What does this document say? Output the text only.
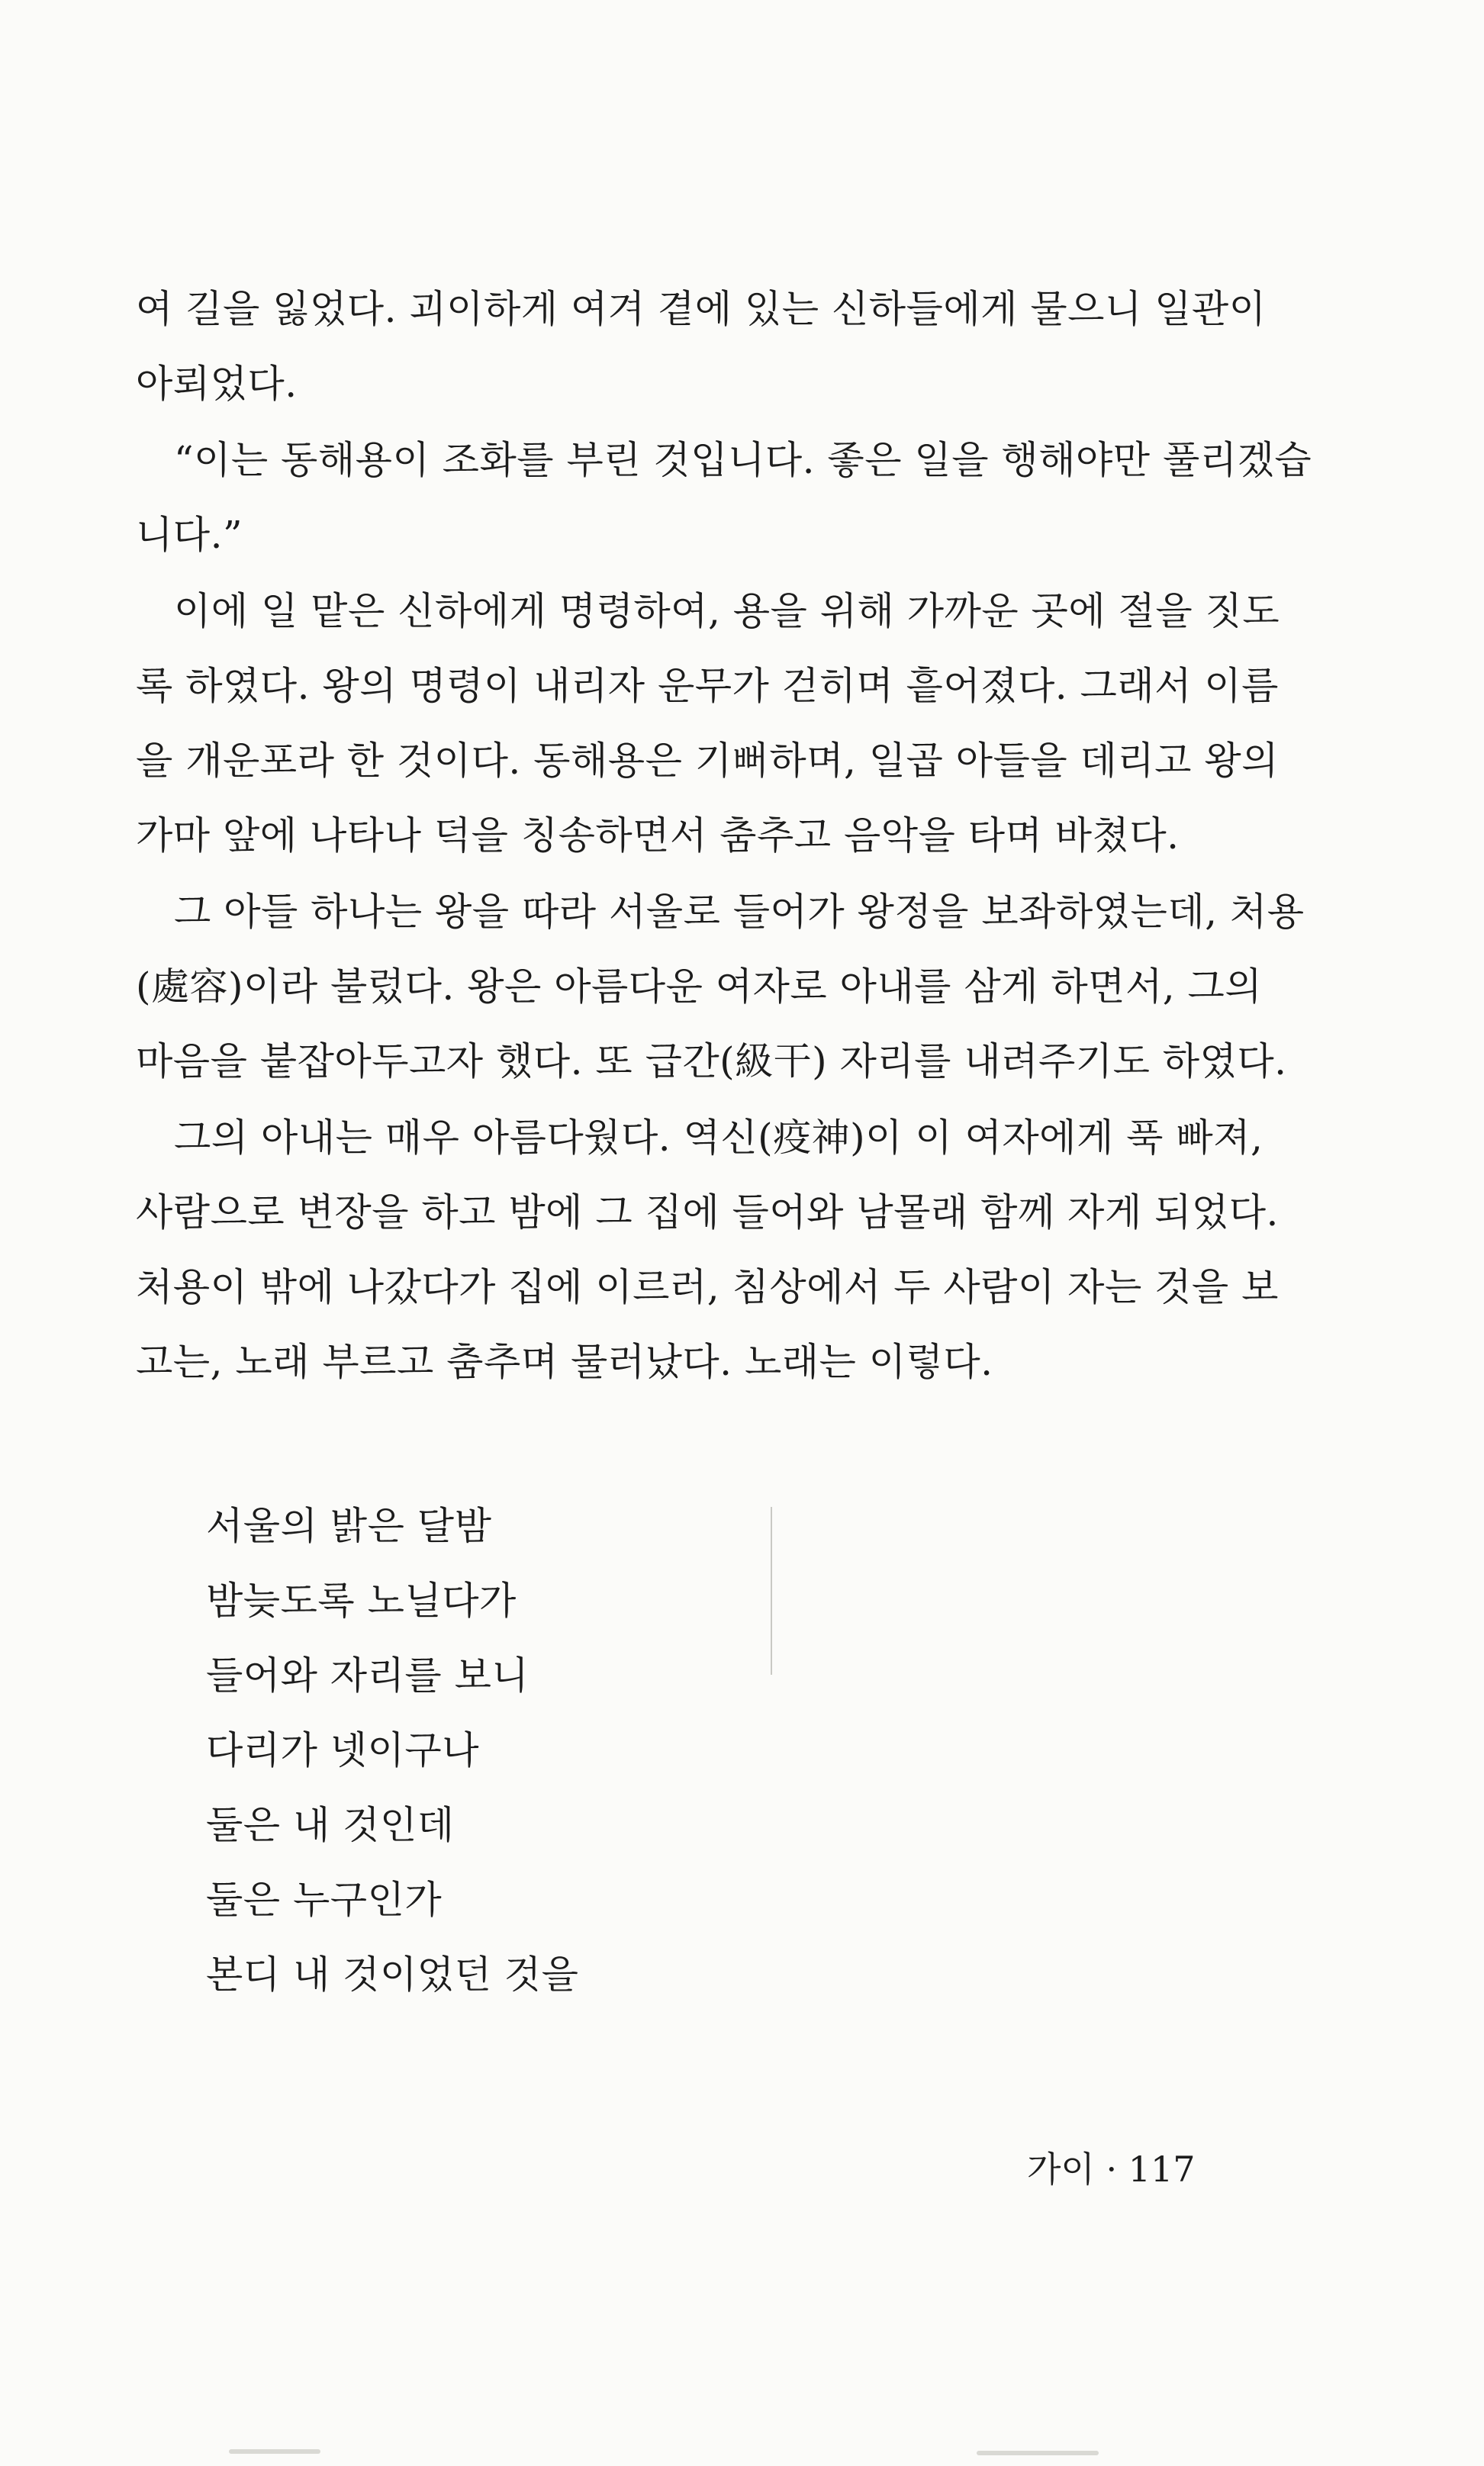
여 길을 잃었다. 괴이하게 여겨 곁에 있는 신하들에게 물으니 일관이
아뢰었다.
“이는 동해용이 조화를 부린 것입니다. 좋은 일을 행해야만 풀리겠습
니다.”
이에 일 맡은 신하에게 명령하여, 용을 위해 가까운 곳에 절을 짓도
록 하였다. 왕의 명령이 내리자 운무가 걷히며 흩어졌다. 그래서 이름
을 개운포라 한 것이다. 동해용은 기뻐하며, 일곱 아들을 데리고 왕의
가마 앞에 나타나 덕을 칭송하면서 춤추고 음악을 타며 바쳤다.
그 아들 하나는 왕을 따라 서울로 들어가 왕정을 보좌하였는데, 처용
(處容)이라 불렀다. 왕은 아름다운 여자로 아내를 삼게 하면서, 그의
마음을 붙잡아두고자 했다. 또 급간(級干) 자리를 내려주기도 하였다.
그의 아내는 매우 아름다웠다. 역신(疫神)이 이 여자에게 푹 빠져,
사람으로 변장을 하고 밤에 그 집에 들어와 남몰래 함께 자게 되었다.
처용이 밖에 나갔다가 집에 이르러, 침상에서 두 사람이 자는 것을 보
고는, 노래 부르고 춤추며 물러났다. 노래는 이렇다.
서울의 밝은 달밤
밤늦도록 노닐다가
들어와 자리를 보니
다리가 넷이구나
둘은 내 것인데
둘은 누구인가
본디 내 것이었던 것을
가이 · 117
